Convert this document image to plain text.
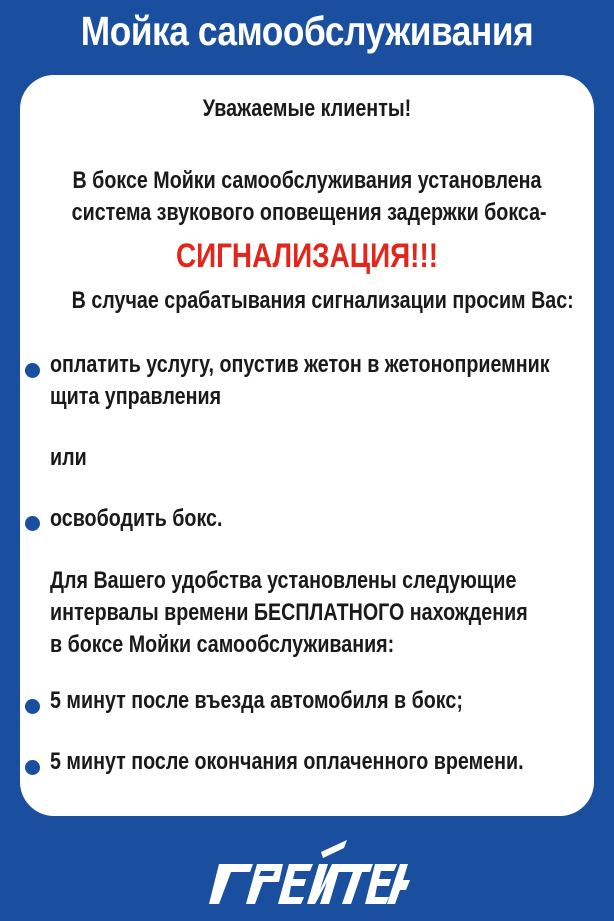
Мойка самообслуживания
Уважаемые клиенты!
В боксе Мойки самообслуживания установлена
система звукового оповещения задержки бокса-
СИГНАЛИЗАЦИЯ!!!
В случае срабатывания сигнализации просим Вас:
оплатить услугу, опустив жетон в жетоноприемник
щита управления
или
освободить бокс.
Для Вашего удобства установлены следующие
интервалы времени БЕСПЛАТНОГО нахождения
в боксе Мойки самообслуживания:
5 минут после въезда автомобиля в бокс;
5 минут после окончания оплаченного времени.
